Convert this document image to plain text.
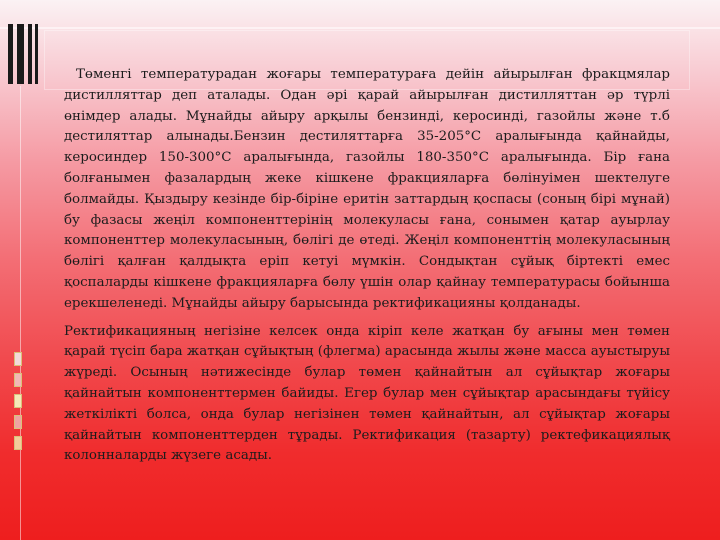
Төменгі температурадан жоғары температураға дейін айырылған фракцмялар дистилляттар деп аталады. Одан әрі қарай айырылған дистилляттан әр түрлі өнімдер алады. Мұнайды айыру арқылы бензинді, керосинді, газойлы және т.б дестиляттар алынады.Бензин дестиляттарға 35-205°С аралығында қайнайды, керосиндер 150-300°С аралығында, газойлы 180-350°С аралығында. Бір ғана болғанымен фазалардың жеке кішкене фракцияларға бөлінуімен шектелуге болмайды. Қыздыру кезінде бір-біріне еритін заттардың қоспасы (соның бірі мұнай) бу фазасы жеңіл компоненттерінің молекуласы ғана, сонымен қатар ауырлау компоненттер молекуласының, бөлігі де өтеді. Жеңіл компоненттің молекуласының бөлігі қалған қалдықта еріп кетуі мүмкін. Сондықтан сұйық біртекті емес қоспаларды кішкене фракцияларға бөлу үшін олар қайнау температурасы бойынша ерекшеленеді. Мұнайды айыру барысында ректификацияны қолданады.

Ректификацияның негізіне келсек онда кіріп келе жатқан бу ағыны мен төмен қарай түсіп бара жатқан сұйықтың (флегма) арасында жылы және масса ауыстыруы жүреді. Осының нәтижесінде булар төмен қайнайтын ал сұйықтар жоғары қайнайтын компоненттермен байиды. Егер булар мен сұйықтар арасындағы түйісу жеткілікті болса, онда булар негізінен төмен қайнайтын, ал сұйықтар жоғары қайнайтын компоненттерден тұрады. Ректификация (тазарту) ректефикациялық колонналарды жүзеге асады.
